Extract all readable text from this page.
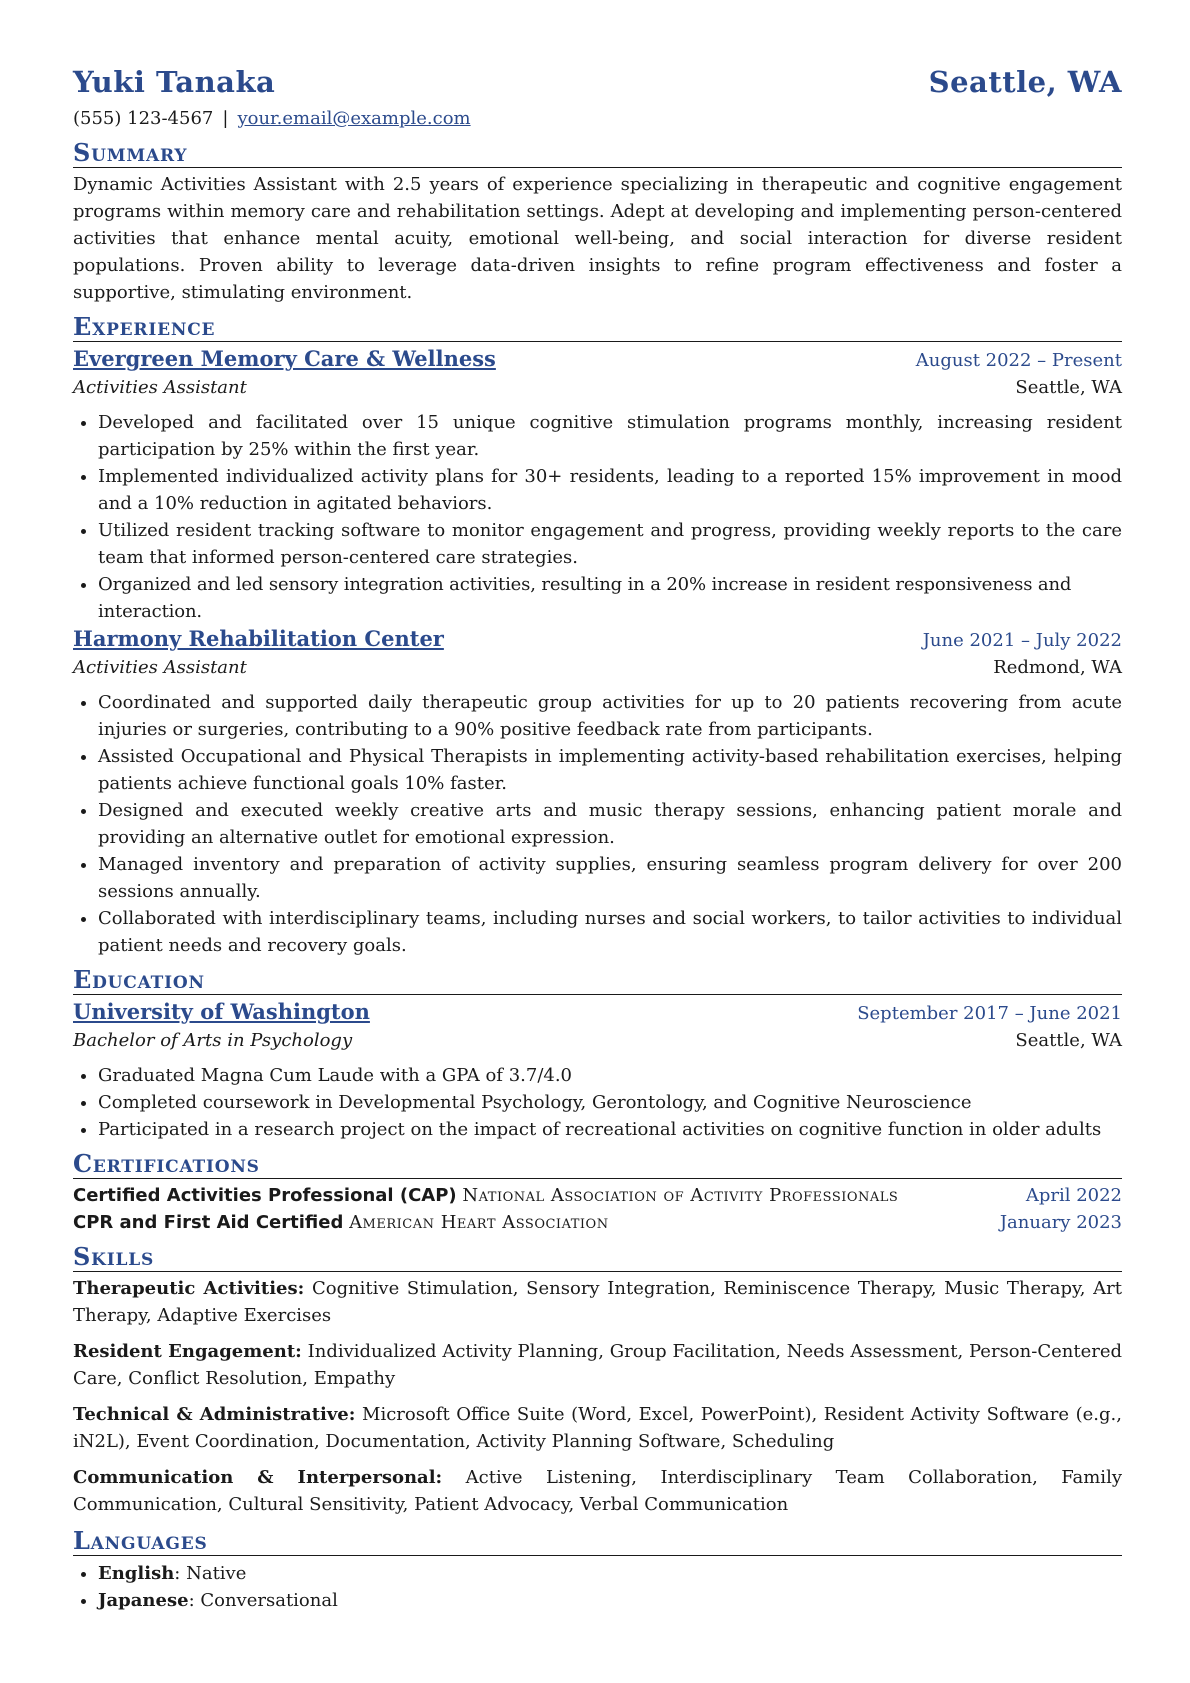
Yuki Tanaka	Seattle, WA
(555) 123-4567 | your.email@example.com
Summary

Dynamic Activities Assistant with 2.5 years of experience specializing in therapeutic and cognitive engagement programs within memory care and rehabilitation settings. Adept at developing and implementing person-centered activities that enhance mental acuity, emotional well-being, and social interaction for diverse resident populations. Proven ability to leverage data-driven insights to refine program effectiveness and foster a supportive, stimulating environment.

Experience
Evergreen Memory Care & Wellness	August 2022 – Present
Activities Assistant	Seattle, WA
• Developed and facilitated over 15 unique cognitive stimulation programs monthly, increasing resident participation by 25% within the first year.
• Implemented individualized activity plans for 30+ residents, leading to a reported 15% improvement in mood and a 10% reduction in agitated behaviors.
• Utilized resident tracking software to monitor engagement and progress, providing weekly reports to the care team that informed person-centered care strategies.
• Organized and led sensory integration activities, resulting in a 20% increase in resident responsiveness and interaction.
Harmony Rehabilitation Center	June 2021 – July 2022
Activities Assistant	Redmond, WA
• Coordinated and supported daily therapeutic group activities for up to 20 patients recovering from acute injuries or surgeries, contributing to a 90% positive feedback rate from participants.
• Assisted Occupational and Physical Therapists in implementing activity-based rehabilitation exercises, helping patients achieve functional goals 10% faster.
• Designed and executed weekly creative arts and music therapy sessions, enhancing patient morale and providing an alternative outlet for emotional expression.
• Managed inventory and preparation of activity supplies, ensuring seamless program delivery for over 200 sessions annually.
• Collaborated with interdisciplinary teams, including nurses and social workers, to tailor activities to individual patient needs and recovery goals.
Education
University of Washington	September 2017 – June 2021
Bachelor of Arts in Psychology	Seattle, WA
• Graduated Magna Cum Laude with a GPA of 3.7/4.0
• Completed coursework in Developmental Psychology, Gerontology, and Cognitive Neuroscience
• Participated in a research project on the impact of recreational activities on cognitive function in older adults
Certifications
Certified Activities Professional (CAP) National Association of Activity Professionals	April 2022
CPR and First Aid Certified American Heart Association	January 2023
Skills

Therapeutic Activities: Cognitive Stimulation, Sensory Integration, Reminiscence Therapy, Music Therapy, Art Therapy, Adaptive Exercises

Resident Engagement: Individualized Activity Planning, Group Facilitation, Needs Assessment, Person-Centered Care, Conflict Resolution, Empathy

Technical & Administrative: Microsoft Office Suite (Word, Excel, PowerPoint), Resident Activity Software (e.g., iN2L), Event Coordination, Documentation, Activity Planning Software, Scheduling

Communication & Interpersonal: Active Listening, Interdisciplinary Team Collaboration, Family Communication, Cultural Sensitivity, Patient Advocacy, Verbal Communication

Languages
• English: Native
• Japanese: Conversational
